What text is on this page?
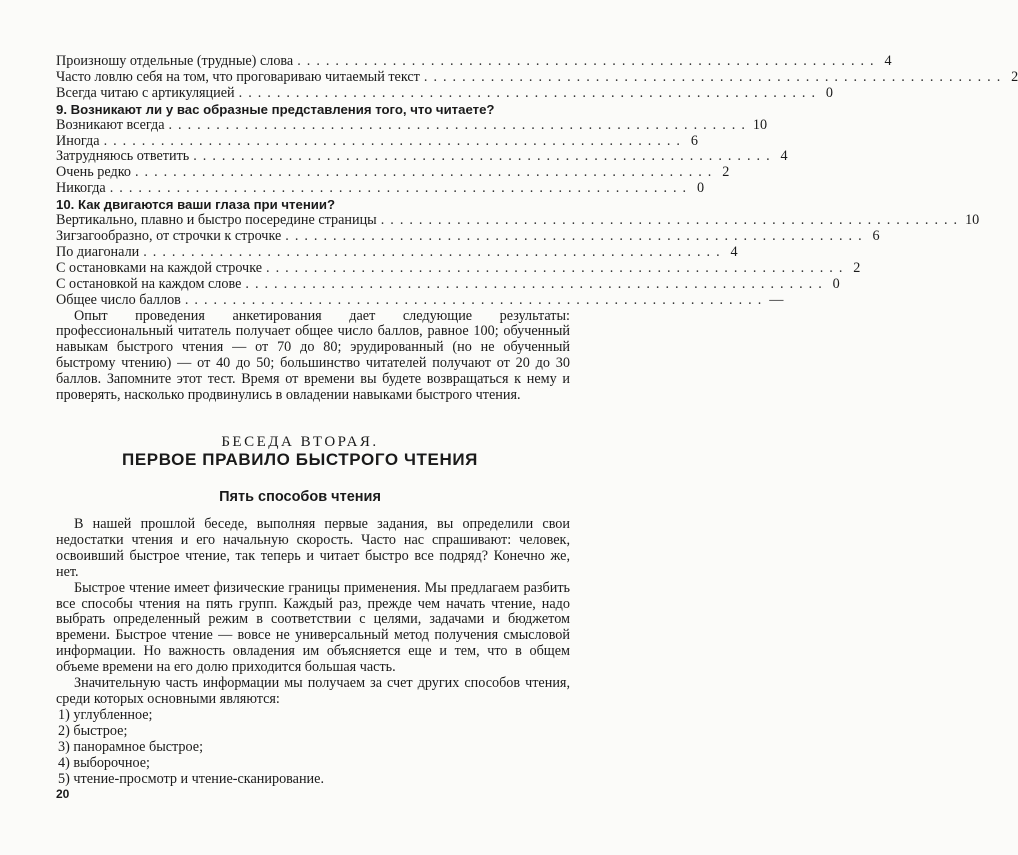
Произношу отдельные (трудные) слова ............................................................. 4
Часто ловлю себя на том, что проговариваю читаемый текст ............................................................. 2
Всегда читаю с артикуляцией ............................................................. 0
9. Возникают ли у вас образные представления того, что читаете?
Возникают всегда ............................................................. 10
Иногда ............................................................. 6
Затрудняюсь ответить ............................................................. 4
Очень редко ............................................................. 2
Никогда ............................................................. 0
10. Как двигаются ваши глаза при чтении?
Вертикально, плавно и быстро посередине страницы ............................................................. 10
Зигзагообразно, от строчки к строчке ............................................................. 6
По диагонали ............................................................. 4
С остановками на каждой строчке ............................................................. 2
С остановкой на каждом слове ............................................................. 0
Общее число баллов ............................................................. —

Опыт проведения анкетирования дает следующие результаты: профессиональный читатель получает общее число баллов, равное 100; обученный навыкам быстрого чтения — от 70 до 80; эрудированный (но не обученный быстрому чтению) — от 40 до 50; большинство читателей получают от 20 до 30 баллов. Запомните этот тест. Время от времени вы будете возвращаться к нему и проверять, насколько продвинулись в овладении навыками быстрого чтения.

БЕСЕДА ВТОРАЯ.
ПЕРВОЕ ПРАВИЛО БЫСТРОГО ЧТЕНИЯ
Пять способов чтения

В нашей прошлой беседе, выполняя первые задания, вы определили свои недостатки чтения и его начальную скорость. Часто нас спрашивают: человек, освоивший быстрое чтение, так теперь и читает быстро все подряд? Конечно же, нет.

Быстрое чтение имеет физические границы применения. Мы предлагаем разбить все способы чтения на пять групп. Каждый раз, прежде чем начать чтение, надо выбрать определенный режим в соответствии с целями, задачами и бюджетом времени. Быстрое чтение — вовсе не универсальный метод получения смысловой информации. Но важность овладения им объясняется еще и тем, что в общем объеме времени на его долю приходится большая часть.

Значительную часть информации мы получаем за счет других способов чтения, среди которых основными являются:

1) углубленное;
2) быстрое;
3) панорамное быстрое;
4) выборочное;
5) чтение-просмотр и чтение-сканирование.
20
